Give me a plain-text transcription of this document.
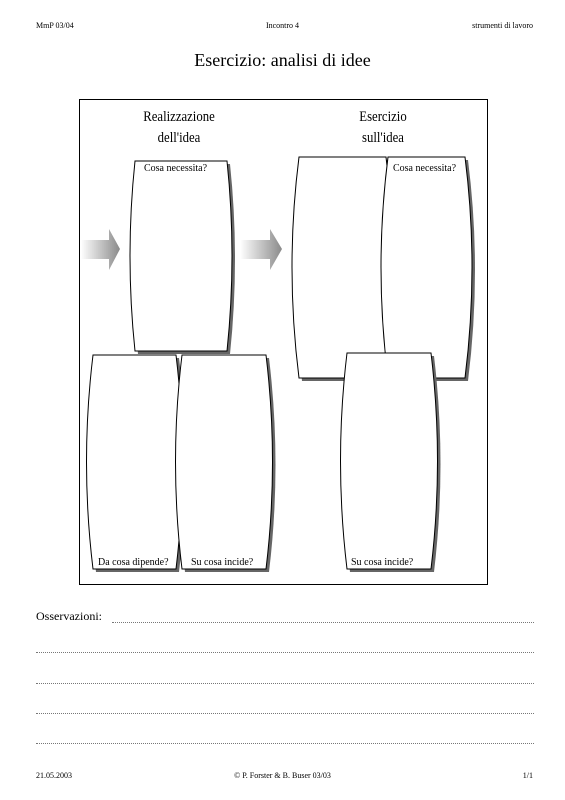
MmP 03/04	Incontro 4	strumenti di lavoro
Esercizio: analisi di idee
Realizzazione
dell'idea
Esercizio
sull'idea
Cosa necessita?	Cosa necessita?
Da cosa dipende? Su cosa incide?	Su cosa incide?
Osservazioni:
21.05.2003	© P. Forster & B. Buser 03/03	1/1
